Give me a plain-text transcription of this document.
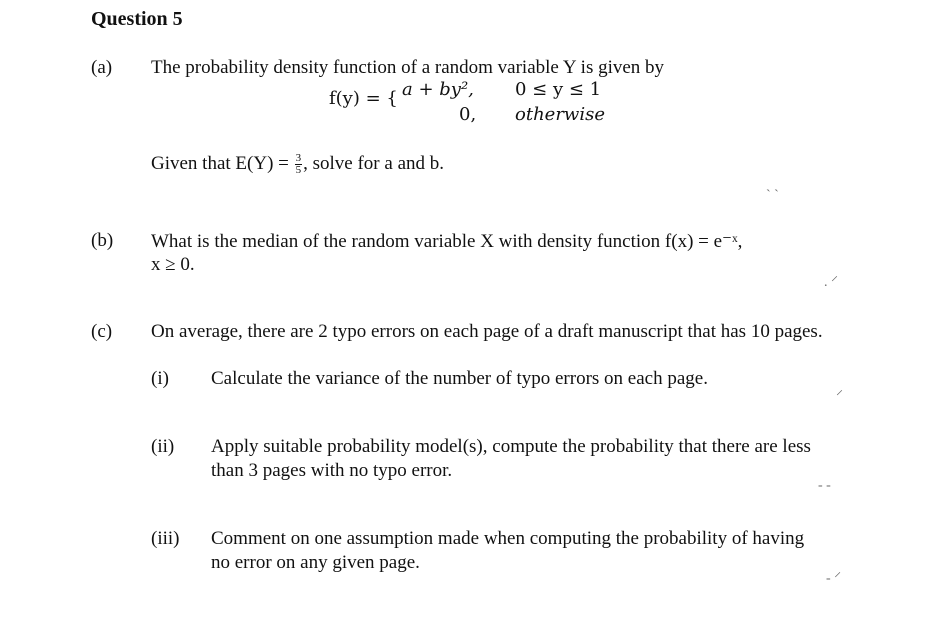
Question 5
(a) The probability density function of a random variable Y is given by
f(y) = { a + by², 0 ≤ y ≤ 1
0, otherwise
Given that $E(Y) = \frac{3}{5}$ , solve for a and b.
(b) What is the median of the random variable X with density function f(x) = e⁻ˣ,
x ≥ 0.
(c) On average, there are 2 typo errors on each page of a draft manuscript that has 10 pages.
(i) Calculate the variance of the number of typo errors on each page.
(ii) Apply suitable probability model(s), compute the probability that there are less
than 3 pages with no typo error.
(iii) Comment on one assumption made when computing the probability of having
no error on any given page.
` `
. ⸍
⸍
- -
- ⸍
